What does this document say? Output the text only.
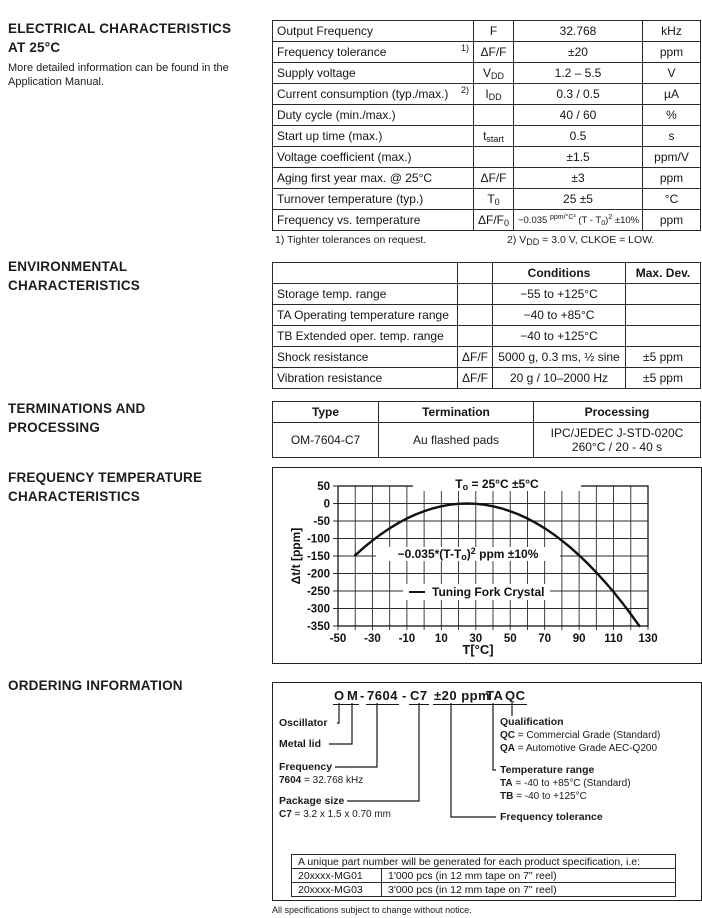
ELECTRICAL CHARACTERISTICS
AT 25°C
More detailed information can be found in the
Application Manual.
ENVIRONMENTAL
CHARACTERISTICS
TERMINATIONS AND
PROCESSING
FREQUENCY TEMPERATURE
CHARACTERISTICS
ORDERING INFORMATION
Output Frequency	F	32.768	kHz
Frequency tolerance 1)	ΔF/F	±20	ppm
Supply voltage	$V_{DD}$	1.2 – 5.5	V
Current consumption (typ./max.) 2)	$I_{DD}$	0.3 / 0.5	µA
Duty cycle (min./max.)		40 / 60	%
Start up time (max.)	$t_{start}$	0.5	s
Voltage coefficient (max.)		±1.5	ppm/V
Aging first year max. @ 25°C	ΔF/F	±3	ppm
Turnover temperature (typ.)	$T_0$	25 ±5	°C
Frequency vs. temperature	$\Delta F/F_0$	−0.035 $^{ppm/^\circ C^2}$ $(T - T_0)^2 \pm 10\%$	ppm
1) Tighter tolerances on request.	2) $V_{DD} = 3.0$ V, CLKOE = LOW.
		Conditions	Max. Dev.
Storage temp. range		−55 to +125°C	
TA Operating temperature range		−40 to +85°C	
TB Extended oper. temp. range		−40 to +125°C	
Shock resistance	ΔF/F	5000 g, 0.3 ms, ½ sine	±5 ppm
Vibration resistance	ΔF/F	20 g / 10–2000 Hz	±5 ppm
Type	Termination	Processing
OM-7604-C7	Au flashed pads	IPC/JEDEC J-STD-020C
260°C / 20 - 40 s
-50 -30 -10 10 30 50 70 90 110 130
50
0
-50
-100
-150
-200
-250
-300
-350
$T_o = 25^\circ C \pm 5^\circ C$
$-0.035*(T-T_o)^2$ ppm ±10%
Tuning Fork Crystal
Δt/t [ppm]
T[°C]
O M - 7604 - C7 ±20 ppm
TA QC
Oscillator
Metal lid
Frequency
7604 = 32.768 kHz
Package size
C7 = 3.2 x 1.5 x 0.70 mm
Qualification
QC = Commercial Grade (Standard)
QA = Automotive Grade AEC-Q200
Temperature range
TA = -40 to +85°C (Standard)
TB = -40 to +125°C
Frequency tolerance
A unique part number will be generated for each product specification, i.e:	
20xxxx-MG01	1'000 pcs (in 12 mm tape on 7" reel)
20xxxx-MG03	3'000 pcs (in 12 mm tape on 7" reel)
All specifications subject to change without notice.
